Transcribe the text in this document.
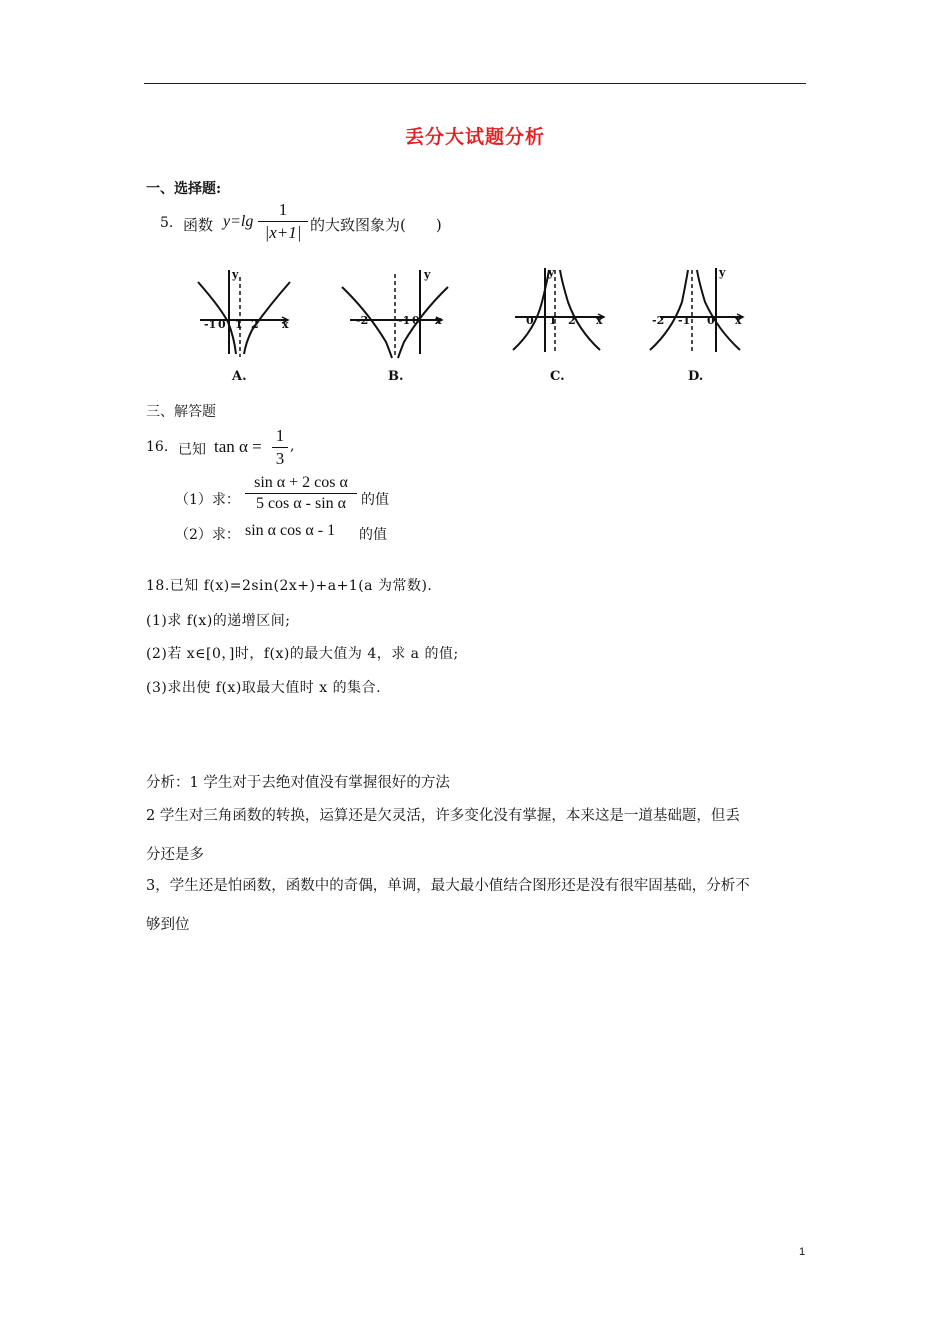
丢分大试题分析
一、选择题:
5. 函数 y=lg
1
|x+1| 的大致图象为(　　)
-1 0 1 2 x
y
-2	-1 0 x
y
0 1 2 x
y
-2 -1 0 x
y
A.	B.	C.	D.
三、解答题
16. 已知 tan α =
1
3
,
（1）求：
sin α + 2 cos α
5 cos α - sin α	的值
（2）求： sin α cos α - 1 的值
18.已知 f(x)=2sin(2x+)+a+1(a 为常数).
(1)求 f(x)的递增区间;
(2)若 x∈[0，]时，f(x)的最大值为 4，求 a 的值;
(3)求出使 f(x)取最大值时 x 的集合.
分析：1 学生对于去绝对值没有掌握很好的方法
2 学生对三角函数的转换，运算还是欠灵活，许多变化没有掌握，本来这是一道基础题，但丢
分还是多
3，学生还是怕函数，函数中的奇偶，单调，最大最小值结合图形还是没有很牢固基础，分析不
够到位
1
